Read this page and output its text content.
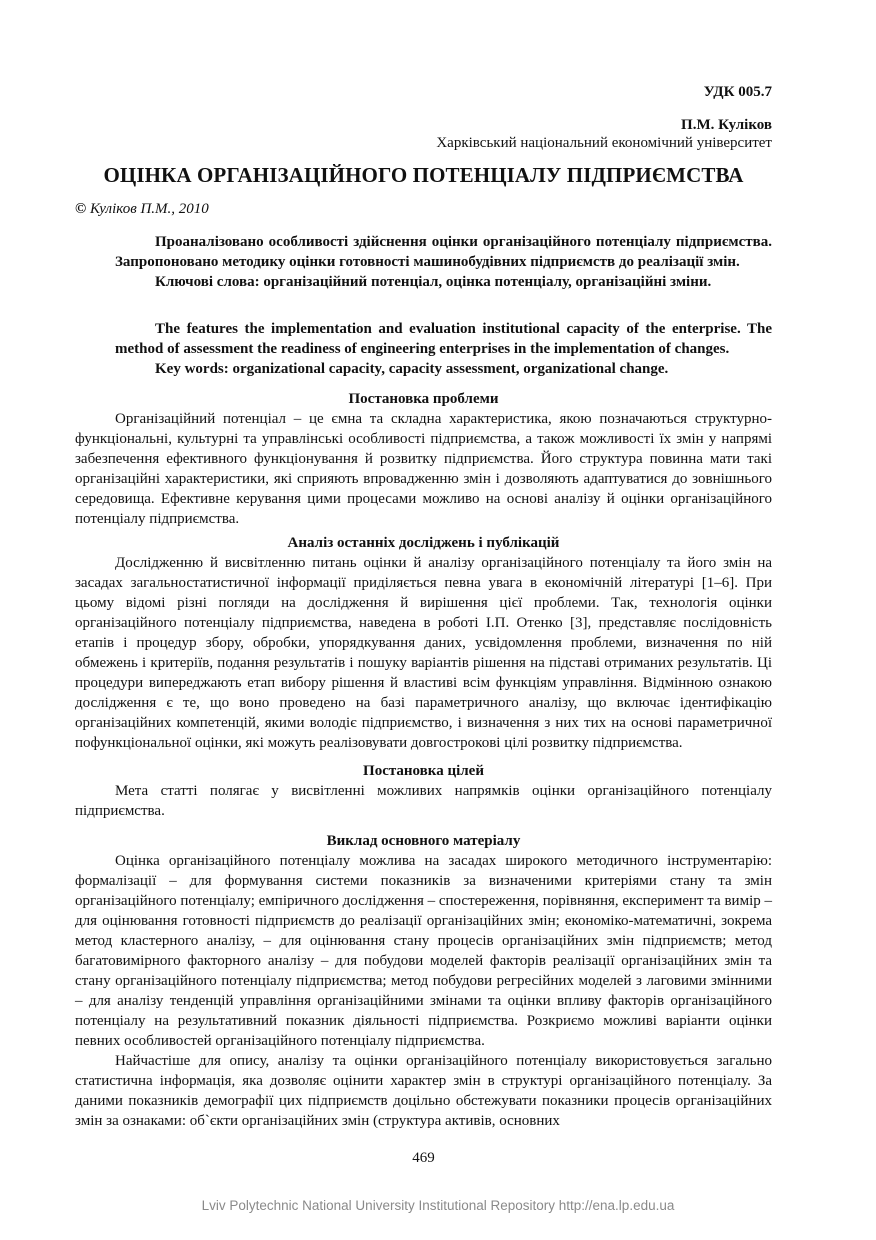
УДК 005.7
П.М. Куліков
Харківський національний економічний університет
ОЦІНКА ОРГАНІЗАЦІЙНОГО ПОТЕНЦІАЛУ ПІДПРИЄМСТВА
© Куліков П.М., 2010

Проаналізовано особливості здійснення оцінки організаційного потенціалу підприємства. Запропоновано методику оцінки готовності машинобудівних підприємств до реалізації змін.

Ключові слова: організаційний потенціал, оцінка потенціалу, організаційні зміни.

The features the implementation and evaluation institutional capacity of the enterprise. The method of assessment the readiness of engineering enterprises in the implementation of changes.

Key words: organizational capacity, capacity assessment, organizational change.

Постановка проблеми

Організаційний потенціал – це ємна та складна характеристика, якою позначаються структурно-функціональні, культурні та управлінські особливості підприємства, а також можливості їх змін у напрямі забезпечення ефективного функціонування й розвитку підприємства. Його структура повинна мати такі організаційні характеристики, які сприяють впровадженню змін і дозволяють адаптуватися до зовнішнього середовища. Ефективне керування цими процесами можливо на основі аналізу й оцінки організаційного потенціалу підприємства.

Аналіз останніх досліджень і публікацій

Дослідженню й висвітленню питань оцінки й аналізу організаційного потенціалу та його змін на засадах загальностатистичної інформації приділяється певна увага в економічній літературі [1–6]. При цьому відомі різні погляди на дослідження й вирішення цієї проблеми. Так, технологія оцінки організаційного потенціалу підприємства, наведена в роботі І.П. Отенко [3], представляє послідовність етапів і процедур збору, обробки, упорядкування даних, усвідомлення проблеми, визначення по ній обмежень і критеріїв, подання результатів і пошуку варіантів рішення на підставі отриманих результатів. Ці процедури випереджають етап вибору рішення й властиві всім функціям управління. Відмінною ознакою дослідження є те, що воно проведено на базі параметричного аналізу, що включає ідентифікацію організаційних компетенцій, якими володіє підприємство, і визначення з них тих на основі параметричної пофункціональної оцінки, які можуть реалізовувати довгострокові цілі розвитку підприємства.

Постановка цілей

Мета статті полягає у висвітленні можливих напрямків оцінки організаційного потенціалу підприємства.

Виклад основного матеріалу

Оцінка організаційного потенціалу можлива на засадах широкого методичного інструментарію: формалізації – для формування системи показників за визначеними критеріями стану та змін організаційного потенціалу; емпіричного дослідження – спостереження, порівняння, експеримент та вимір – для оцінювання готовності підприємств до реалізації організаційних змін; економіко-математичні, зокрема метод кластерного аналізу, – для оцінювання стану процесів організаційних змін підприємств; метод багатовимірного факторного аналізу – для побудови моделей факторів реалізації організаційних змін та стану організаційного потенціалу підприємства; метод побудови регресійних моделей з лаговими змінними – для аналізу тенденцій управління організаційними змінами та оцінки впливу факторів організаційного потенціалу на результативний показник діяльності підприємства. Розкриємо можливі варіанти оцінки певних особливостей організаційного потенціалу підприємства.

Найчастіше для опису, аналізу та оцінки організаційного потенціалу використовується загально статистична інформація, яка дозволяє оцінити характер змін в структурі організаційного потенціалу. За даними показників демографії цих підприємств доцільно обстежувати показники процесів організаційних змін за ознаками: об`єкти організаційних змін (структура активів, основних

469
Lviv Polytechnic National University Institutional Repository http://ena.lp.edu.ua
